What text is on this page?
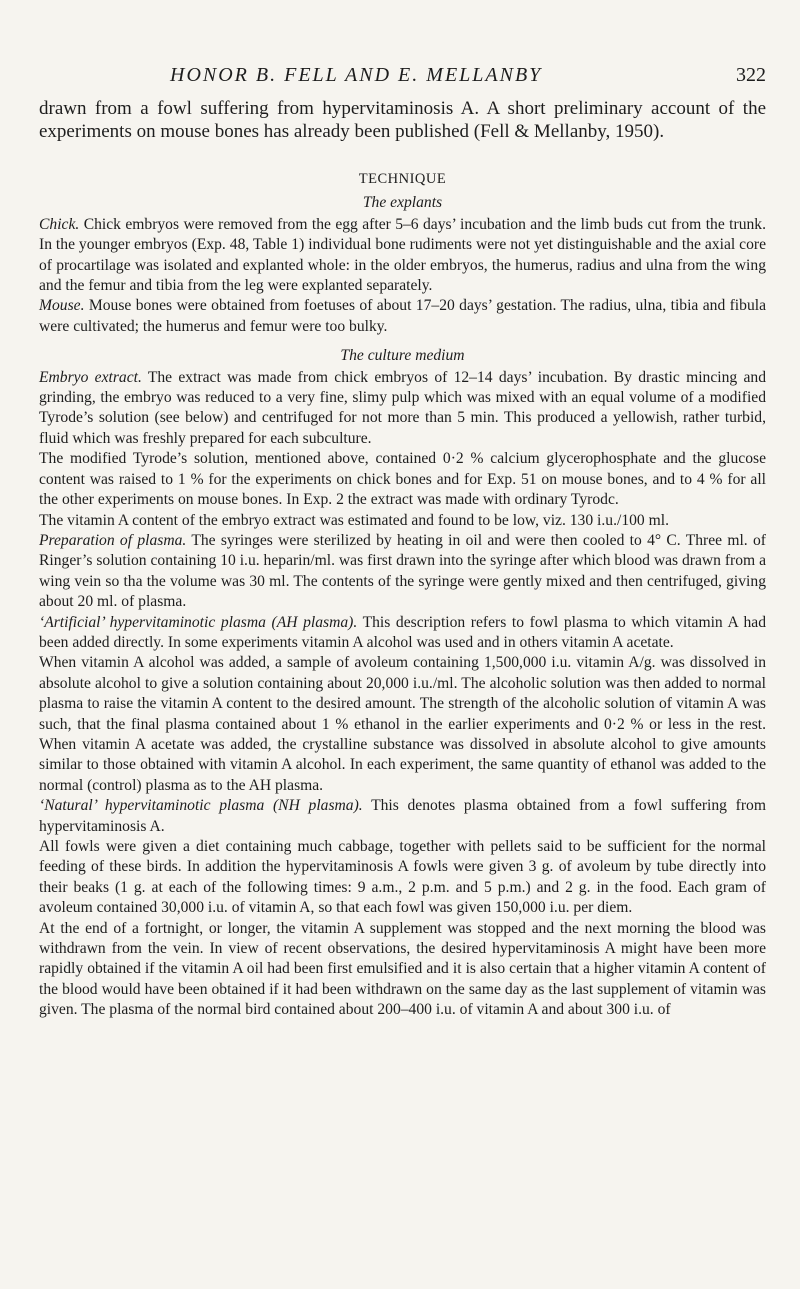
HONOR B. FELL AND E. MELLANBY	322

drawn from a fowl suffering from hypervitaminosis A. A short preliminary account of the experiments on mouse bones has already been published (Fell & Mellanby, 1950).

TECHNIQUE
The explants

Chick. Chick embryos were removed from the egg after 5–6 days’ incubation and the limb buds cut from the trunk. In the younger embryos (Exp. 48, Table 1) individual bone rudiments were not yet distinguishable and the axial core of procartilage was isolated and explanted whole: in the older embryos, the humerus, radius and ulna from the wing and the femur and tibia from the leg were explanted separately.

Mouse. Mouse bones were obtained from foetuses of about 17–20 days’ gestation. The radius, ulna, tibia and fibula were cultivated; the humerus and femur were too bulky.

The culture medium

Embryo extract. The extract was made from chick embryos of 12–14 days’ incubation. By drastic mincing and grinding, the embryo was reduced to a very fine, slimy pulp which was mixed with an equal volume of a modified Tyrode’s solution (see below) and centrifuged for not more than 5 min. This produced a yellowish, rather turbid, fluid which was freshly prepared for each subculture.

The modified Tyrode’s solution, mentioned above, contained 0·2 % calcium glycerophosphate and the glucose content was raised to 1 % for the experiments on chick bones and for Exp. 51 on mouse bones, and to 4 % for all the other experiments on mouse bones. In Exp. 2 the extract was made with ordinary Tyrodc.

The vitamin A content of the embryo extract was estimated and found to be low, viz. 130 i.u./100 ml.

Preparation of plasma. The syringes were sterilized by heating in oil and were then cooled to 4° C. Three ml. of Ringer’s solution containing 10 i.u. heparin/ml. was first drawn into the syringe after which blood was drawn from a wing vein so tha the volume was 30 ml. The contents of the syringe were gently mixed and then centrifuged, giving about 20 ml. of plasma.

‘Artificial’ hypervitaminotic plasma (AH plasma). This description refers to fowl plasma to which vitamin A had been added directly. In some experiments vitamin A alcohol was used and in others vitamin A acetate.

When vitamin A alcohol was added, a sample of avoleum containing 1,500,000 i.u. vitamin A/g. was dissolved in absolute alcohol to give a solution containing about 20,000 i.u./ml. The alcoholic solution was then added to normal plasma to raise the vitamin A content to the desired amount. The strength of the alcoholic solution of vitamin A was such, that the final plasma contained about 1 % ethanol in the earlier experiments and 0·2 % or less in the rest. When vitamin A acetate was added, the crystalline substance was dissolved in absolute alcohol to give amounts similar to those obtained with vitamin A alcohol. In each experiment, the same quantity of ethanol was added to the normal (control) plasma as to the AH plasma.

‘Natural’ hypervitaminotic plasma (NH plasma). This denotes plasma obtained from a fowl suffering from hypervitaminosis A.

All fowls were given a diet containing much cabbage, together with pellets said to be sufficient for the normal feeding of these birds. In addition the hypervitaminosis A fowls were given 3 g. of avoleum by tube directly into their beaks (1 g. at each of the following times: 9 a.m., 2 p.m. and 5 p.m.) and 2 g. in the food. Each gram of avoleum contained 30,000 i.u. of vitamin A, so that each fowl was given 150,000 i.u. per diem.

At the end of a fortnight, or longer, the vitamin A supplement was stopped and the next morning the blood was withdrawn from the vein. In view of recent observations, the desired hypervitaminosis A might have been more rapidly obtained if the vitamin A oil had been first emulsified and it is also certain that a higher vitamin A content of the blood would have been obtained if it had been withdrawn on the same day as the last supplement of vitamin was given. The plasma of the normal bird contained about 200–400 i.u. of vitamin A and about 300 i.u. of
